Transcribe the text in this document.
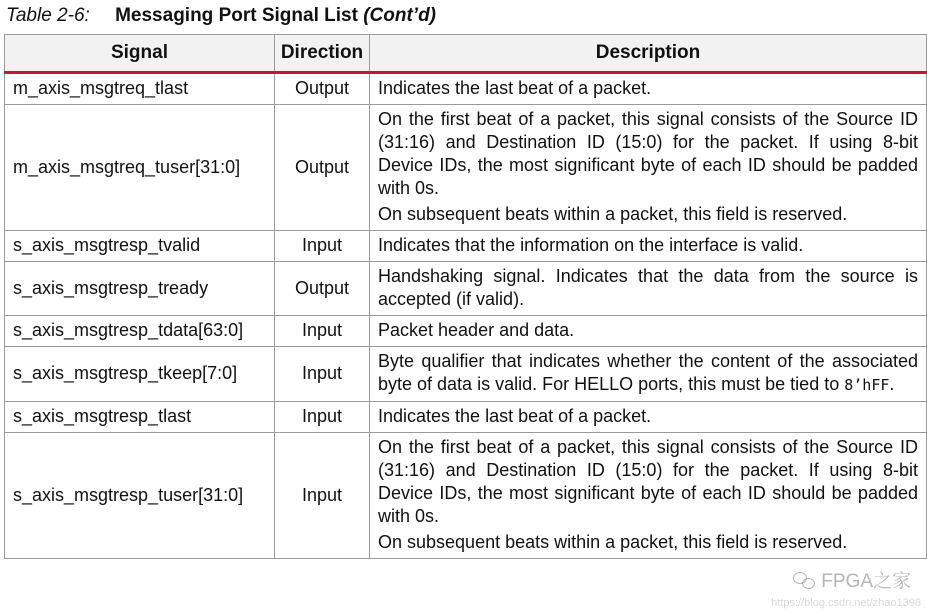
Table 2-6: Messaging Port Signal List (Cont’d)
Signal	Direction	Description
m_axis_msgtreq_tlast	Output	Indicates the last beat of a packet.
m_axis_msgtreq_tuser[31:0]	Output	On the first beat of a packet, this signal consists of the Source ID (31:16) and Destination ID (15:0) for the packet. If using 8-bit Device IDs, the most significant byte of each ID should be padded with 0s.
On subsequent beats within a packet, this field is reserved.

s_axis_msgtresp_tvalid	Input	Indicates that the information on the interface is valid.
s_axis_msgtresp_tready	Output	Handshaking signal. Indicates that the data from the source is accepted (if valid).
s_axis_msgtresp_tdata[63:0]	Input	Packet header and data.
s_axis_msgtresp_tkeep[7:0]	Input	Byte qualifier that indicates whether the content of the associated byte of data is valid. For HELLO ports, this must be tied to 8’hFF.
s_axis_msgtresp_tlast	Input	Indicates the last beat of a packet.
s_axis_msgtresp_tuser[31:0]	Input	On the first beat of a packet, this signal consists of the Source ID (31:16) and Destination ID (15:0) for the packet. If using 8-bit Device IDs, the most significant byte of each ID should be padded with 0s.
On subsequent beats within a packet, this field is reserved.
FPGA之家
https://blog.csdn.net/zhao1398
